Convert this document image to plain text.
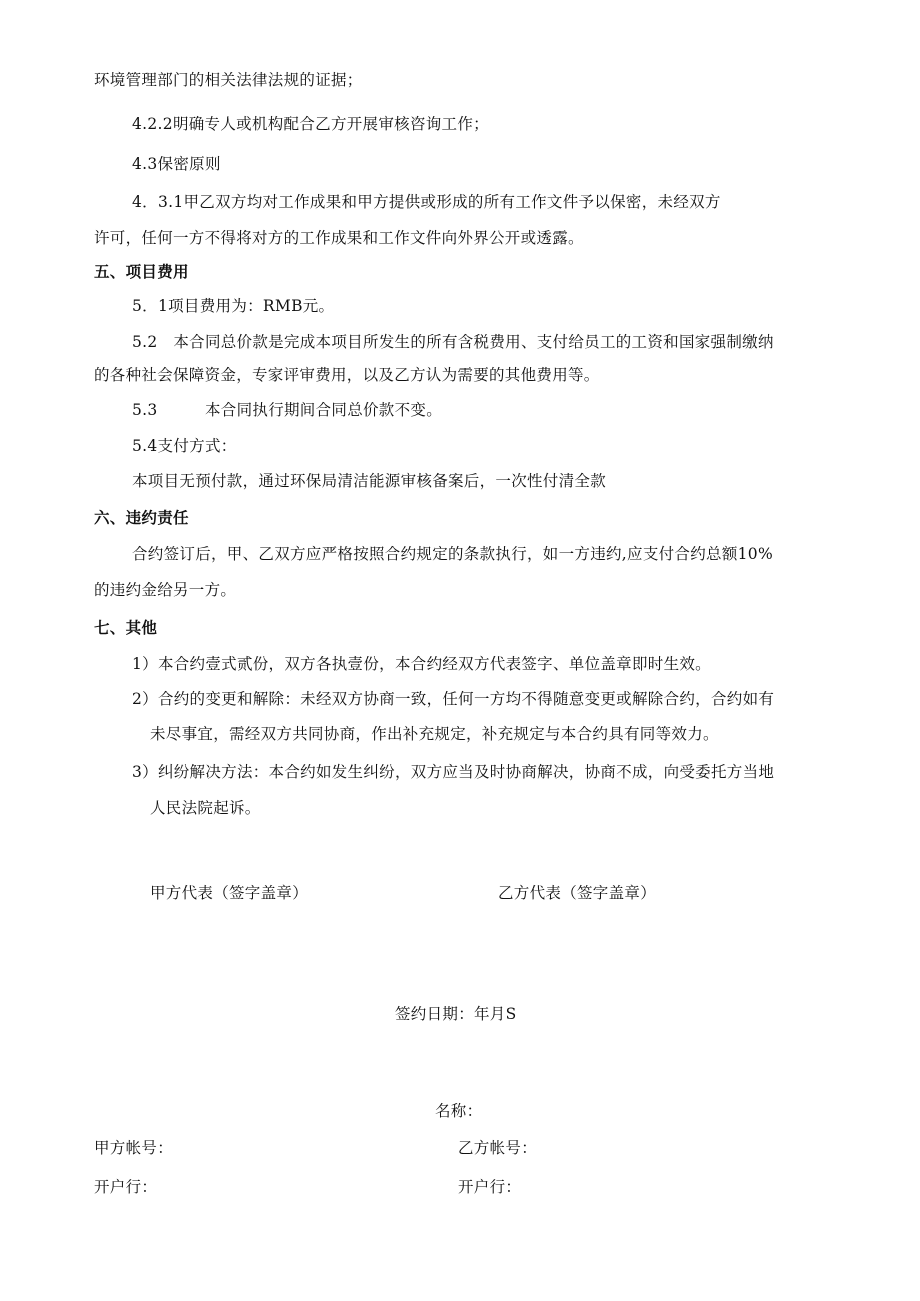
环境管理部门的相关法律法规的证据；
4.2.2明确专人或机构配合乙方开展审核咨询工作；
4.3保密原则
4．3.1甲乙双方均对工作成果和甲方提供或形成的所有工作文件予以保密，未经双方
许可，任何一方不得将对方的工作成果和工作文件向外界公开或透露。
五、项目费用
5．1项目费用为：RMB元。
5.2　本合同总价款是完成本项目所发生的所有含税费用、支付给员工的工资和国家强制缴纳
的各种社会保障资金，专家评审费用，以及乙方认为需要的其他费用等。
5.3	本合同执行期间合同总价款不变。
5.4支付方式：
本项目无预付款，通过环保局清洁能源审核备案后，一次性付清全款
六、违约责任
合约签订后，甲、乙双方应严格按照合约规定的条款执行，如一方违约,应支付合约总额10%
的违约金给另一方。
七、其他
1）本合约壹式贰份，双方各执壹份，本合约经双方代表签字、单位盖章即时生效。
2）合约的变更和解除：未经双方协商一致，任何一方均不得随意变更或解除合约，合约如有
未尽事宜，需经双方共同协商，作出补充规定，补充规定与本合约具有同等效力。
3）纠纷解决方法：本合约如发生纠纷，双方应当及时协商解决，协商不成，向受委托方当地
人民法院起诉。
甲方代表（签字盖章）	乙方代表（签字盖章）
签约日期：年月S
名称：
甲方帐号：	乙方帐号：
开户行：	开户行：
